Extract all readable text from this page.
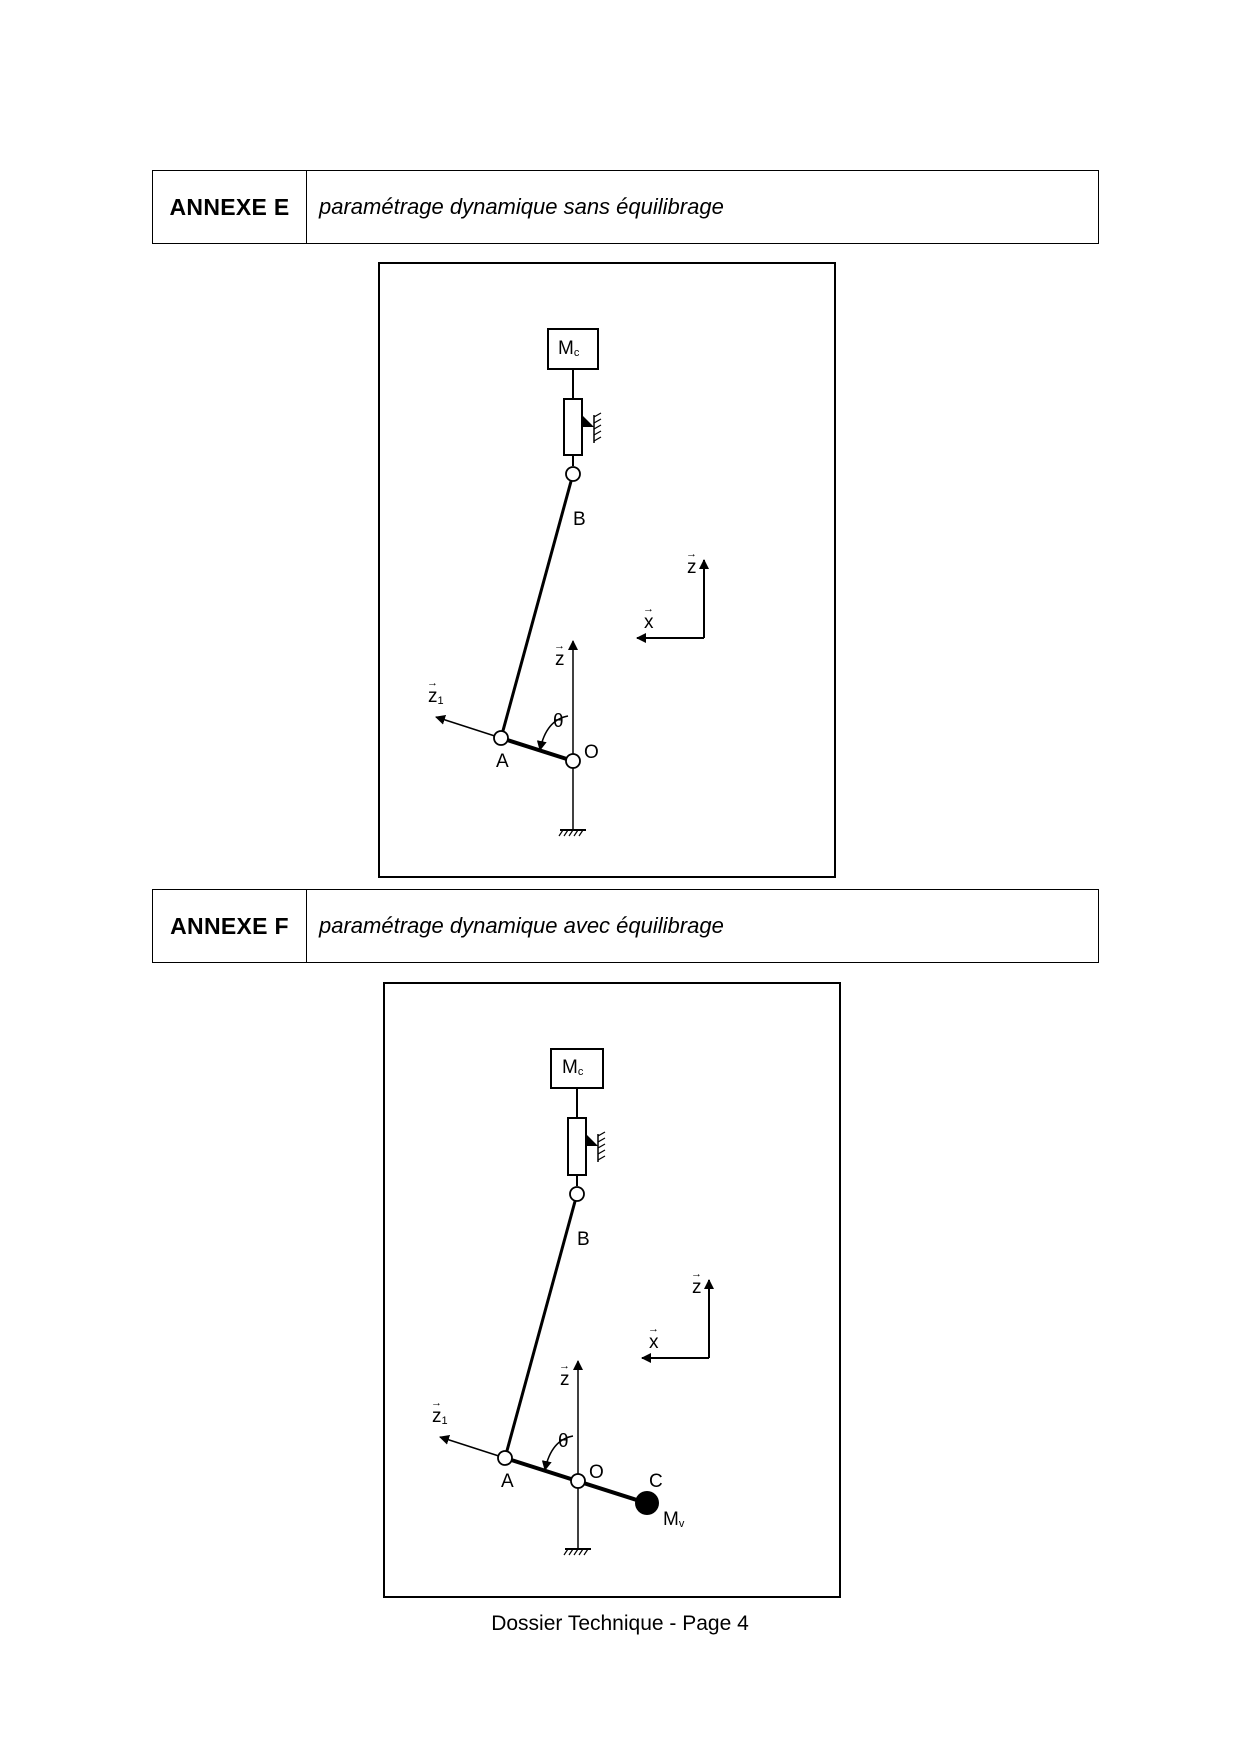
ANNEXE E	paramétrage dynamique sans équilibrage
$M_c$
B
→ z
→ x
→ z
→ $z_1$
θ
A	O
ANNEXE F	paramétrage dynamique avec équilibrage
$M_c$
B
→ z
→ x
→ z
→ $z_1$
θ
A	O C
$M_v$
Dossier Technique - Page 4
